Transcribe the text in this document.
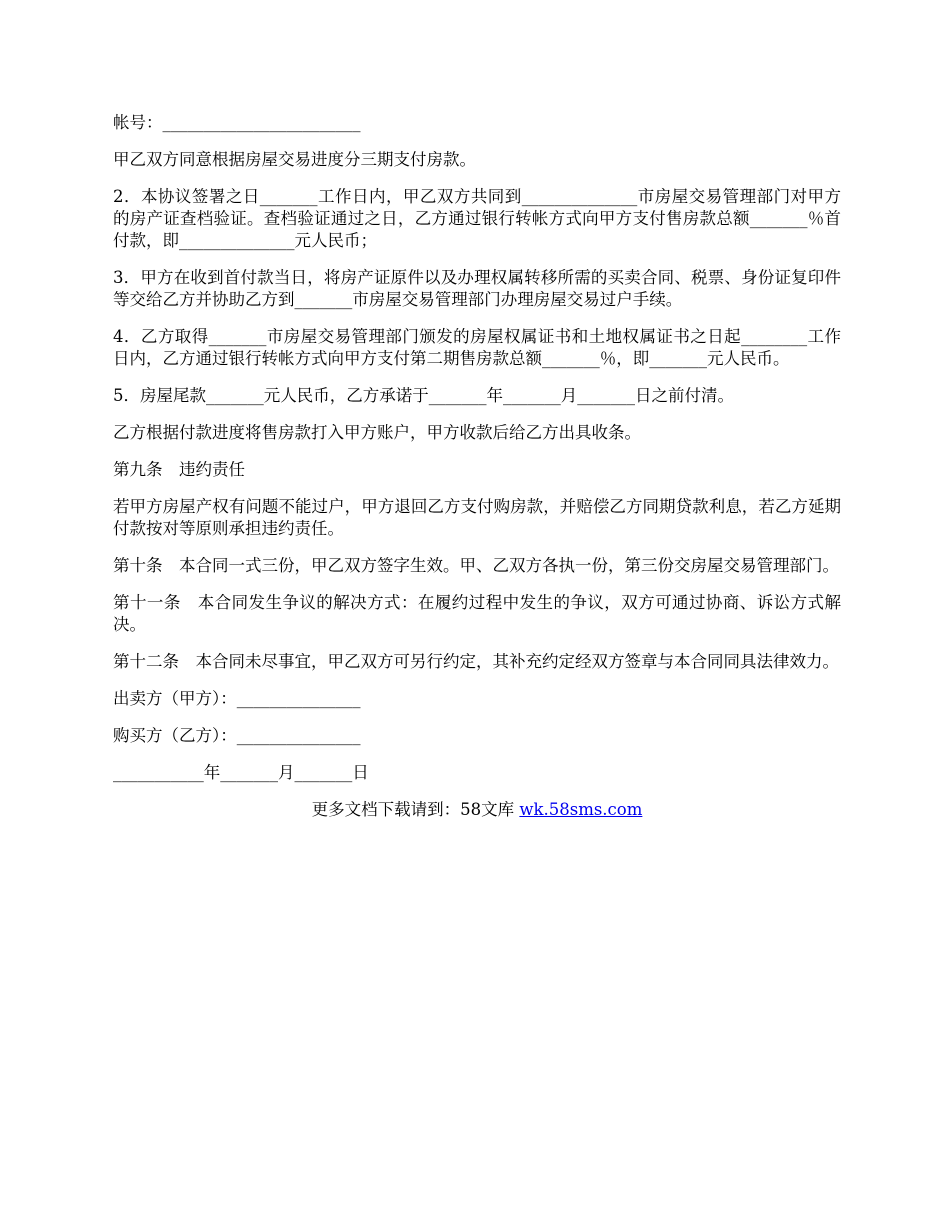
帐号：________________________

甲乙双方同意根据房屋交易进度分三期支付房款。

2．本协议签署之日_______工作日内，甲乙双方共同到______________市房屋交易管理部门对甲方的房产证查档验证。查档验证通过之日，乙方通过银行转帐方式向甲方支付售房款总额_______％首付款，即______________元人民币；

3．甲方在收到首付款当日，将房产证原件以及办理权属转移所需的买卖合同、税票、身份证复印件等交给乙方并协助乙方到_______市房屋交易管理部门办理房屋交易过户手续。

4．乙方取得_______市房屋交易管理部门颁发的房屋权属证书和土地权属证书之日起________工作日内，乙方通过银行转帐方式向甲方支付第二期售房款总额_______％，即_______元人民币。

5．房屋尾款_______元人民币，乙方承诺于_______年_______月_______日之前付清。

乙方根据付款进度将售房款打入甲方账户，甲方收款后给乙方出具收条。

第九条　违约责任

若甲方房屋产权有问题不能过户，甲方退回乙方支付购房款，并赔偿乙方同期贷款利息，若乙方延期付款按对等原则承担违约责任。

第十条　本合同一式三份，甲乙双方签字生效。甲、乙双方各执一份，第三份交房屋交易管理部门。

第十一条　本合同发生争议的解决方式：在履约过程中发生的争议，双方可通过协商、诉讼方式解决。

第十二条　本合同未尽事宜，甲乙双方可另行约定，其补充约定经双方签章与本合同同具法律效力。

出卖方（甲方）：_______________

购买方（乙方）：_______________

___________年_______月_______日

更多文档下载请到：58文库 wk.58sms.com
